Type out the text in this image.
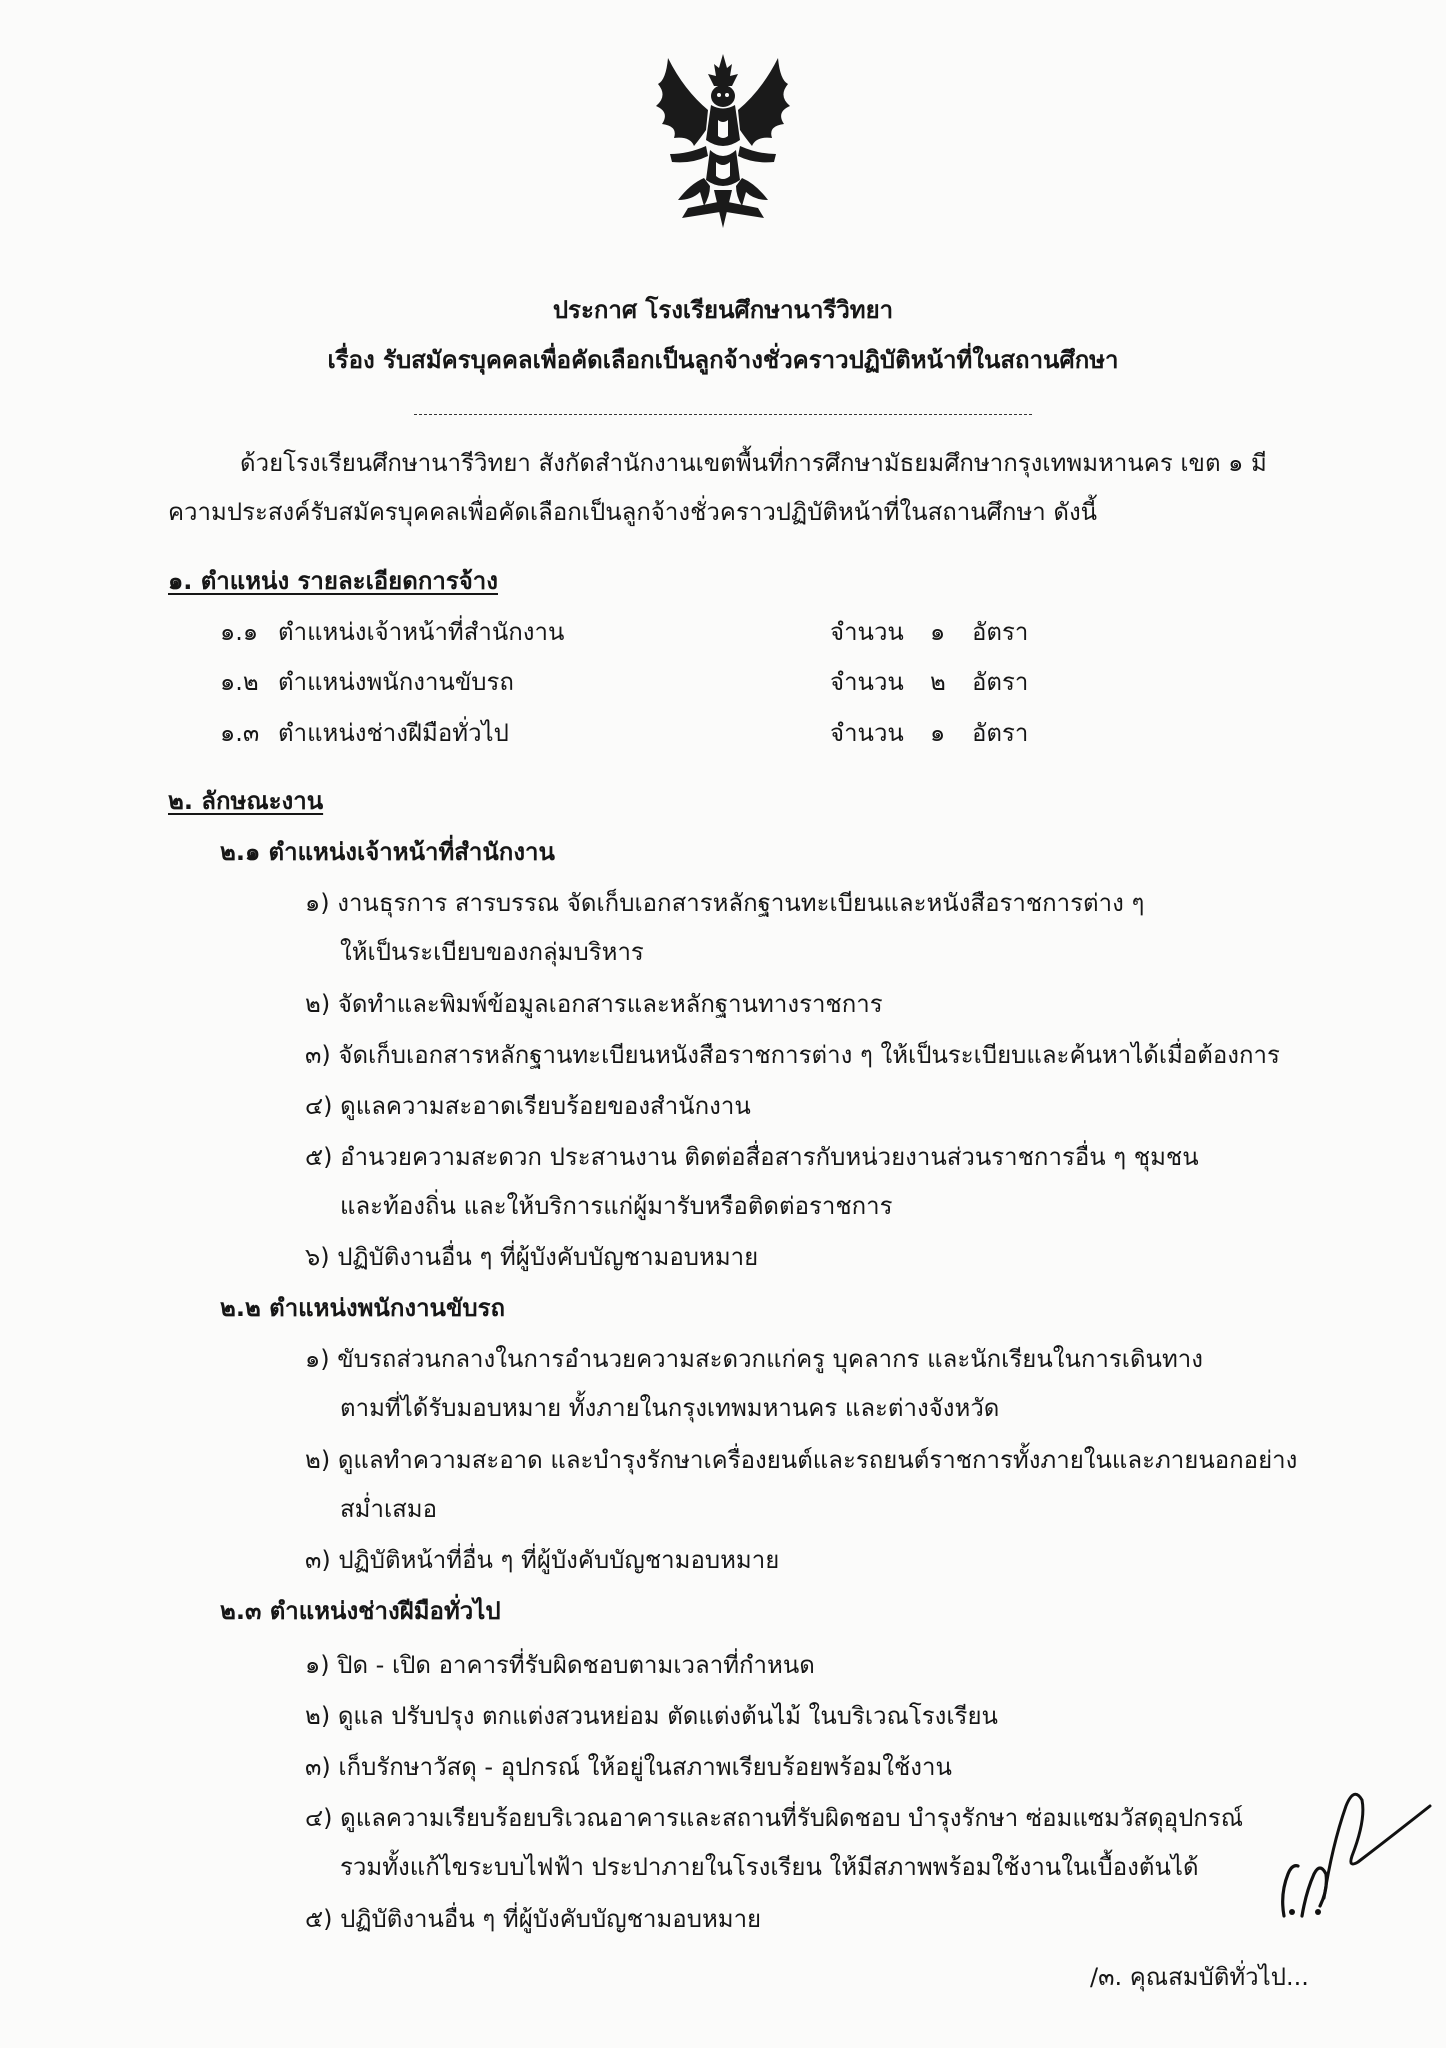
ประกาศ โรงเรียนศึกษานารีวิทยา
เรื่อง รับสมัครบุคคลเพื่อคัดเลือกเป็นลูกจ้างชั่วคราวปฏิบัติหน้าที่ในสถานศึกษา
ด้วยโรงเรียนศึกษานารีวิทยา สังกัดสำนักงานเขตพื้นที่การศึกษามัธยมศึกษากรุงเทพมหานคร เขต ๑ มี
ความประสงค์รับสมัครบุคคลเพื่อคัดเลือกเป็นลูกจ้างชั่วคราวปฏิบัติหน้าที่ในสถานศึกษา ดังนี้
๑. ตำแหน่ง รายละเอียดการจ้าง
๑.๑ ตำแหน่งเจ้าหน้าที่สำนักงาน	จำนวน ๑ อัตรา
๑.๒ ตำแหน่งพนักงานขับรถ	จำนวน ๒ อัตรา
๑.๓ ตำแหน่งช่างฝีมือทั่วไป	จำนวน ๑ อัตรา
๒. ลักษณะงาน
๒.๑ ตำแหน่งเจ้าหน้าที่สำนักงาน
๑) งานธุรการ สารบรรณ จัดเก็บเอกสารหลักฐานทะเบียนและหนังสือราชการต่าง ๆ
ให้เป็นระเบียบของกลุ่มบริหาร
๒) จัดทำและพิมพ์ข้อมูลเอกสารและหลักฐานทางราชการ
๓) จัดเก็บเอกสารหลักฐานทะเบียนหนังสือราชการต่าง ๆ ให้เป็นระเบียบและค้นหาได้เมื่อต้องการ
๔) ดูแลความสะอาดเรียบร้อยของสำนักงาน
๕) อำนวยความสะดวก ประสานงาน ติดต่อสื่อสารกับหน่วยงานส่วนราชการอื่น ๆ ชุมชน
และท้องถิ่น และให้บริการแก่ผู้มารับหรือติดต่อราชการ
๖) ปฏิบัติงานอื่น ๆ ที่ผู้บังคับบัญชามอบหมาย
๒.๒ ตำแหน่งพนักงานขับรถ
๑) ขับรถส่วนกลางในการอำนวยความสะดวกแก่ครู บุคลากร และนักเรียนในการเดินทาง
ตามที่ได้รับมอบหมาย ทั้งภายในกรุงเทพมหานคร และต่างจังหวัด
๒) ดูแลทำความสะอาด และบำรุงรักษาเครื่องยนต์และรถยนต์ราชการทั้งภายในและภายนอกอย่าง
สม่ำเสมอ
๓) ปฏิบัติหน้าที่อื่น ๆ ที่ผู้บังคับบัญชามอบหมาย
๒.๓ ตำแหน่งช่างฝีมือทั่วไป
๑) ปิด - เปิด อาคารที่รับผิดชอบตามเวลาที่กำหนด
๒) ดูแล ปรับปรุง ตกแต่งสวนหย่อม ตัดแต่งต้นไม้ ในบริเวณโรงเรียน
๓) เก็บรักษาวัสดุ - อุปกรณ์ ให้อยู่ในสภาพเรียบร้อยพร้อมใช้งาน
๔) ดูแลความเรียบร้อยบริเวณอาคารและสถานที่รับผิดชอบ บำรุงรักษา ซ่อมแซมวัสดุอุปกรณ์
รวมทั้งแก้ไขระบบไฟฟ้า ประปาภายในโรงเรียน ให้มีสภาพพร้อมใช้งานในเบื้องต้นได้
๕) ปฏิบัติงานอื่น ๆ ที่ผู้บังคับบัญชามอบหมาย
/๓. คุณสมบัติทั่วไป...
